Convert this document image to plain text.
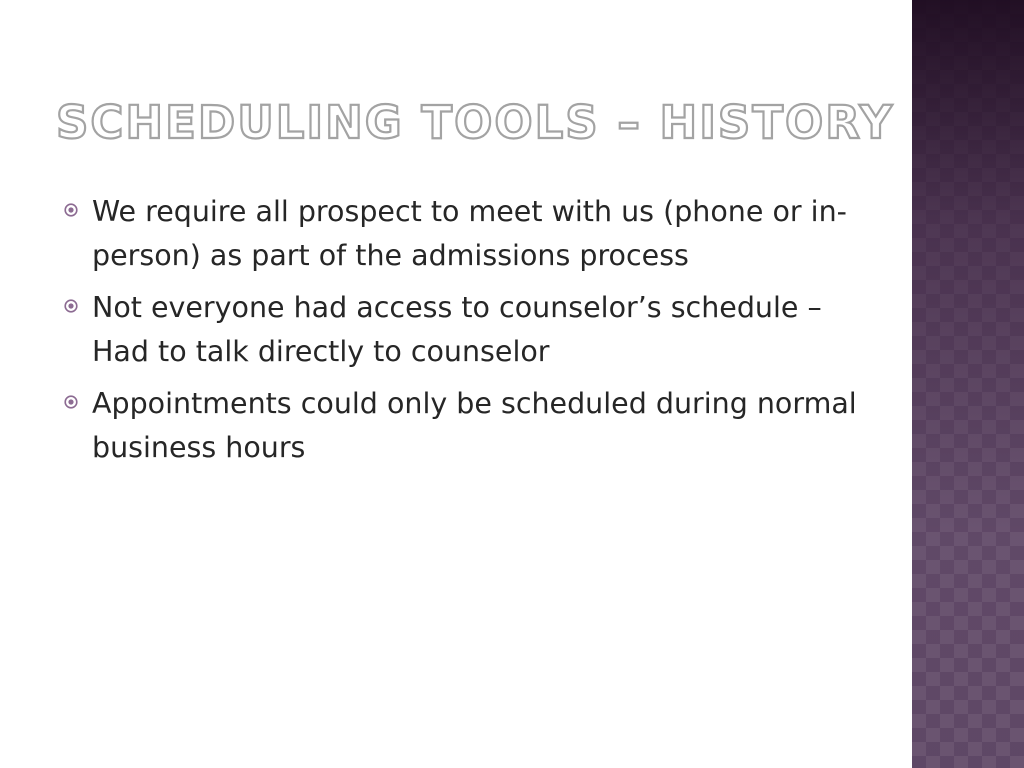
SCHEDULING TOOLS – HISTORY
We require all prospect to meet with us (phone or in-person) as part of the admissions process
Not everyone had access to counselor’s schedule – Had to talk directly to counselor
Appointments could only be scheduled during normal business hours
